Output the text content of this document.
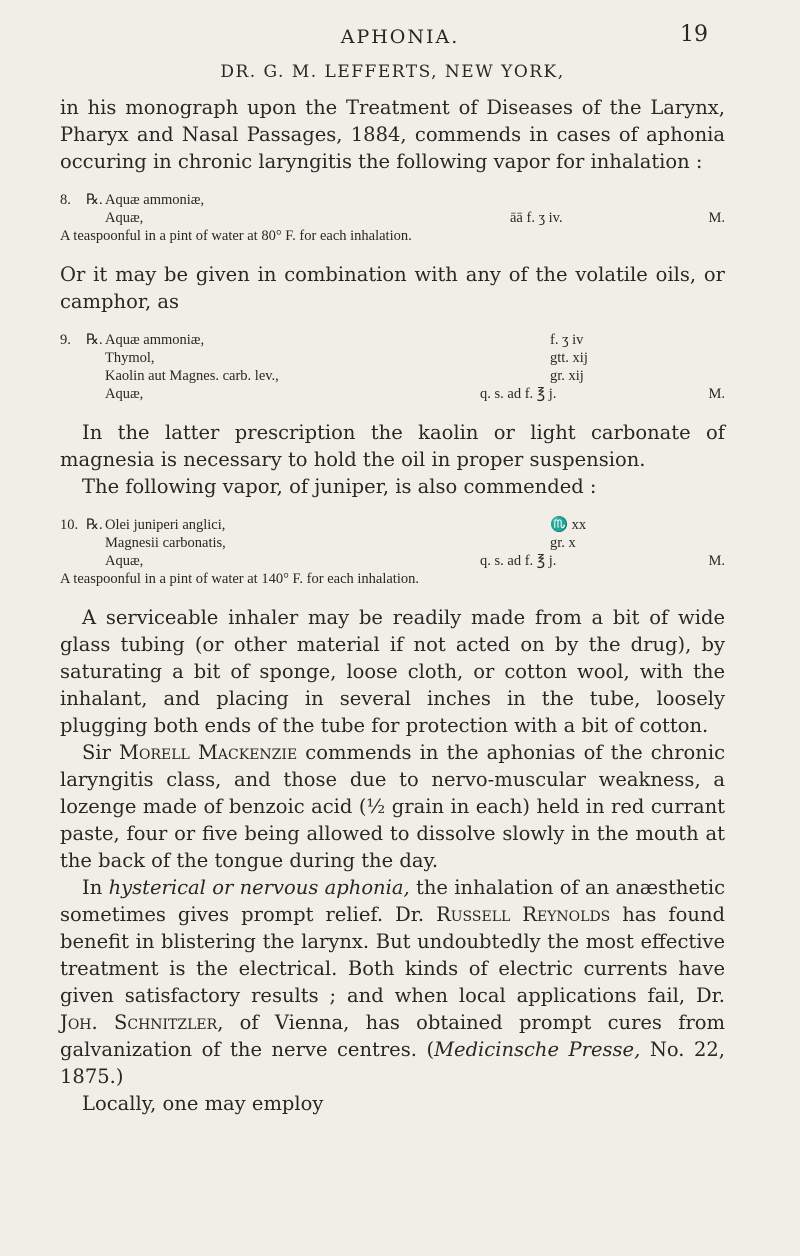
APHONIA.	19
DR. G. M. LEFFERTS, NEW YORK,

in his monograph upon the Treatment of Diseases of the Larynx, Pharyx and Nasal Passages, 1884, commends in cases of aphonia occuring in chronic laryngitis the following vapor for inhalation :

8.	℞. Aquæ ammoniæ,
Aquæ,	āā f. ʒ iv.	M.
A teaspoonful in a pint of water at 80° F. for each inhalation.

Or it may be given in combination with any of the volatile oils, or camphor, as

9.	℞. Aquæ ammoniæ,	f. ʒ iv
Thymol,	gtt. xij
Kaolin aut Magnes. carb. lev.,	gr. xij
Aquæ,	q. s. ad f. ℥ j.	M.

In the latter prescription the kaolin or light carbonate of magnesia is necessary to hold the oil in proper suspension.

The following vapor, of juniper, is also commended :

10. ℞. Olei juniperi anglici,	♏ xx
Magnesii carbonatis,	gr. x
Aquæ,	q. s. ad f. ℥ j.	M.
A teaspoonful in a pint of water at 140° F. for each inhalation.

A serviceable inhaler may be readily made from a bit of wide glass tubing (or other material if not acted on by the drug), by saturating a bit of sponge, loose cloth, or cotton wool, with the inhalant, and placing in several inches in the tube, loosely plugging both ends of the tube for protection with a bit of cotton.

Sir Morell Mackenzie commends in the aphonias of the chronic laryngitis class, and those due to nervo-muscular weakness, a lozenge made of benzoic acid (½ grain in each) held in red currant paste, four or five being allowed to dissolve slowly in the mouth at the back of the tongue during the day.

In hysterical or nervous aphonia, the inhalation of an anæsthetic sometimes gives prompt relief. Dr. Russell Reynolds has found benefit in blistering the larynx. But undoubtedly the most effective treatment is the electrical. Both kinds of electric currents have given satisfactory results ; and when local applications fail, Dr. Joh. Schnitzler, of Vienna, has obtained prompt cures from galvanization of the nerve centres. (Medicinsche Presse, No. 22, 1875.)

Locally, one may employ
